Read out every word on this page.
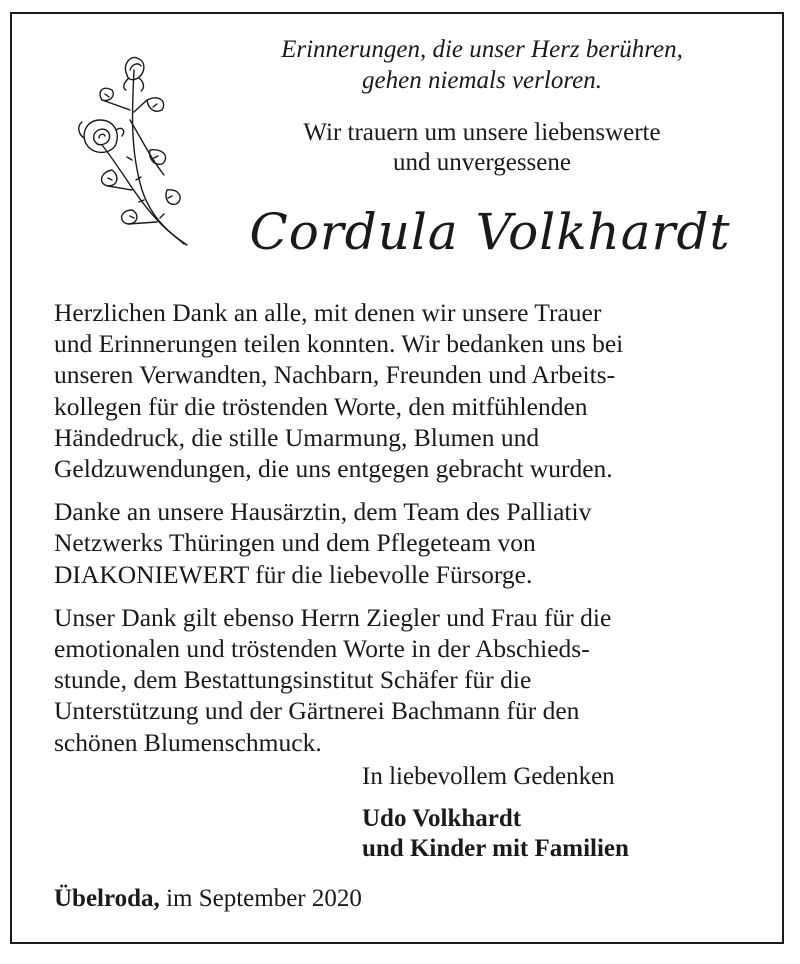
Erinnerungen, die unser Herz berühren,
gehen niemals verloren.
Wir trauern um unsere liebenswerte
und unvergessene
Cordula Volkhardt

Herzlichen Dank an alle, mit denen wir unsere Trauer
und Erinnerungen teilen konnten. Wir bedanken uns bei
unseren Verwandten, Nachbarn, Freunden und Arbeits-
kollegen für die tröstenden Worte, den mitfühlenden
Händedruck, die stille Umarmung, Blumen und
Geldzuwendungen, die uns entgegen gebracht wurden.

Danke an unsere Hausärztin, dem Team des Palliativ
Netzwerks Thüringen und dem Pflegeteam von
DIAKONIEWERT für die liebevolle Fürsorge.

Unser Dank gilt ebenso Herrn Ziegler und Frau für die
emotionalen und tröstenden Worte in der Abschieds-
stunde, dem Bestattungsinstitut Schäfer für die
Unterstützung und der Gärtnerei Bachmann für den
schönen Blumenschmuck.

In liebevollem Gedenken
Udo Volkhardt
und Kinder mit Familien
Übelroda, im September 2020
